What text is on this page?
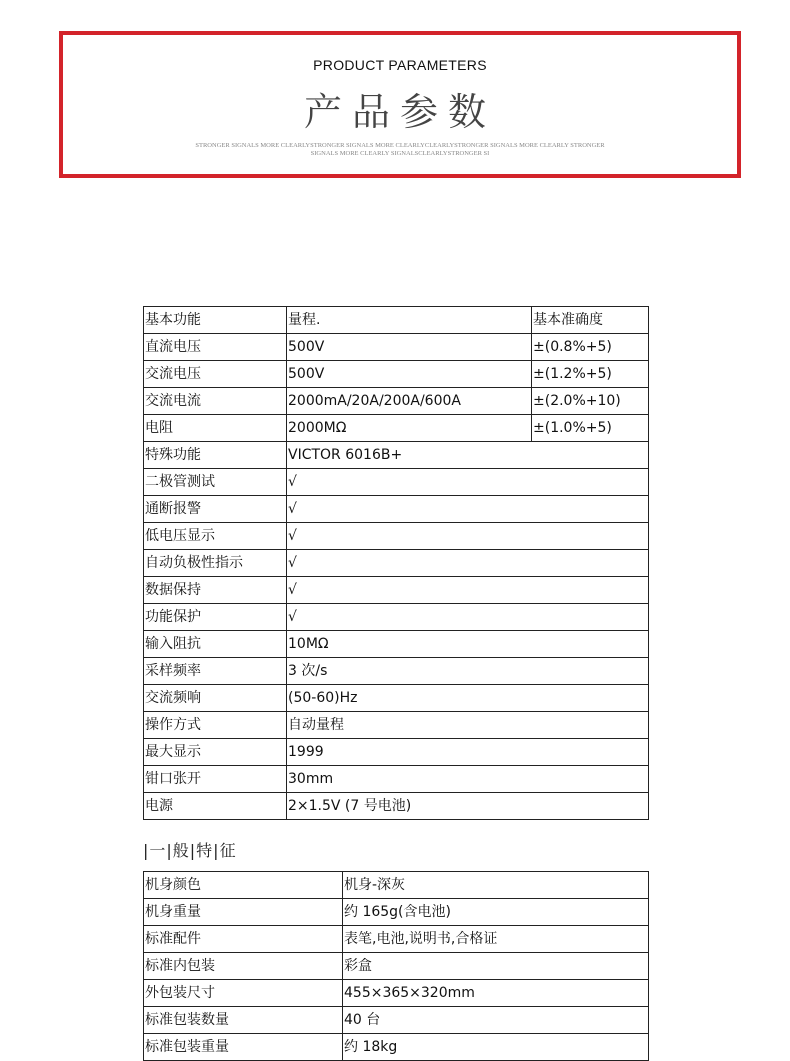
PRODUCT PARAMETERS
产品参数
STRONGER SIGNALS MORE CLEARLYSTRONGER SIGNALS MORE CLEARLYCLEARLYSTRONGER SIGNALS MORE CLEARLY STRONGER SIGNALS MORE CLEARLY SIGNALSCLEARLYSTRONGER SI
基本功能	量程.	基本准确度
直流电压	500V	±(0.8%+5)
交流电压	500V	±(1.2%+5)
交流电流	2000mA/20A/200A/600A	±(2.0%+10)
电阻	2000MΩ	±(1.0%+5)
特殊功能	VICTOR 6016B+	
二极管测试	√	
通断报警	√	
低电压显示	√	
自动负极性指示	√	
数据保持	√	
功能保护	√	
输入阻抗	10MΩ	
采样频率	3 次/s	
交流频响	(50-60)Hz	
操作方式	自动量程	
最大显示	1999	
钳口张开	30mm	
电源	2×1.5V (7 号电池)	
|一|般|特|征
机身颜色	机身-深灰
机身重量	约 165g(含电池)
标准配件	表笔,电池,说明书,合格证
标准内包装	彩盒
外包装尺寸	455×365×320mm
标准包装数量	40 台
标准包装重量	约 18kg
